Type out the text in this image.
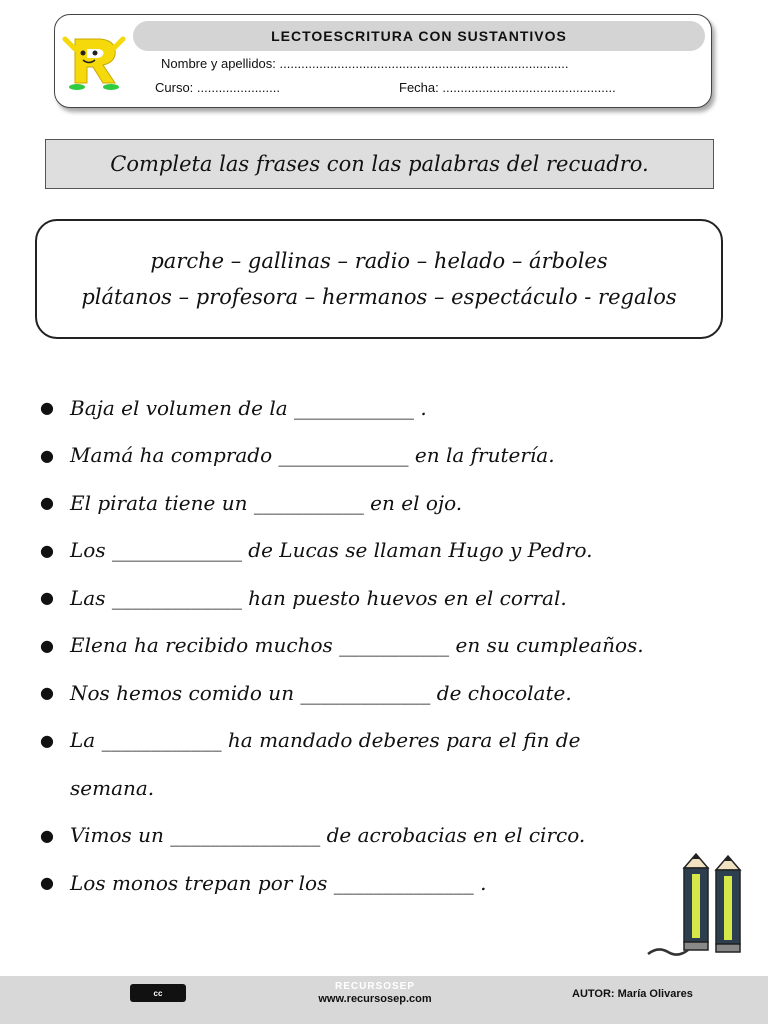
LECTOESCRITURA CON SUSTANTIVOS
Nombre y apellidos: ................................................................................
Curso: .......................	Fecha: ................................................
Completa las frases con las palabras del recuadro.
parche – gallinas – radio – helado – árboles
plátanos – profesora – hermanos – espectáculo - regalos
● Baja el volumen de la ____________ .
● Mamá ha comprado _____________ en la frutería.
● El pirata tiene un ___________ en el ojo.
● Los _____________ de Lucas se llaman Hugo y Pedro.
● Las _____________ han puesto huevos en el corral.
● Elena ha recibido muchos ___________ en su cumpleaños.
● Nos hemos comido un _____________ de chocolate.
● La ____________ ha mandado deberes para el fin de
semana.
● Vimos un _______________ de acrobacias en el circo.
● Los monos trepan por los ______________ .
cc
RECURSOSEP
www.recursosep.com	AUTOR: María Olivares
